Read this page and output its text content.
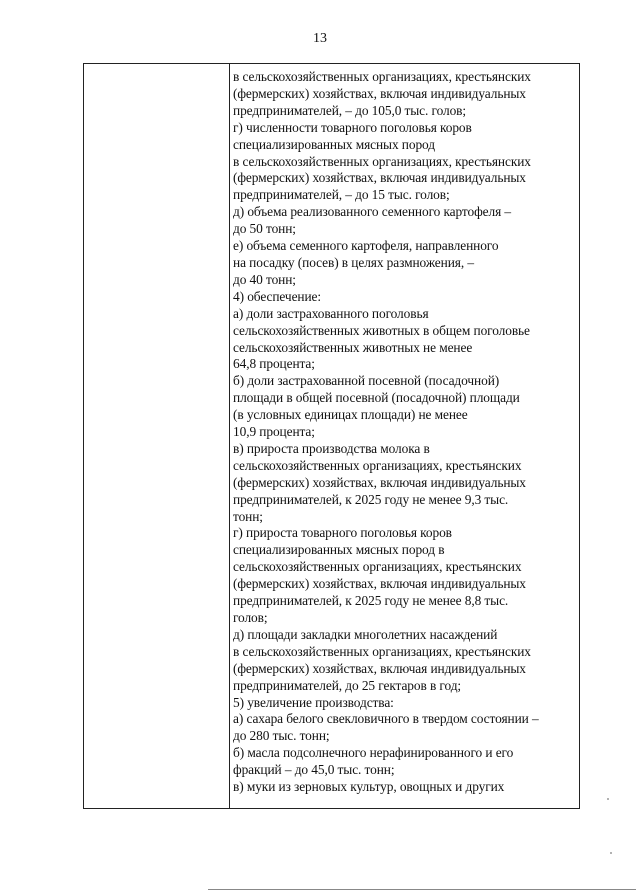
13
в сельскохозяйственных организациях, крестьянских
(фермерских) хозяйствах, включая индивидуальных
предпринимателей, – до 105,0 тыс. голов;
г) численности товарного поголовья коров
специализированных мясных пород
в сельскохозяйственных организациях, крестьянских
(фермерских) хозяйствах, включая индивидуальных
предпринимателей, – до 15 тыс. голов;
д) объема реализованного семенного картофеля –
до 50 тонн;
е) объема семенного картофеля, направленного
на посадку (посев) в целях размножения, –
до 40 тонн;
4) обеспечение:
а) доли застрахованного поголовья
сельскохозяйственных животных в общем поголовье
сельскохозяйственных животных не менее
64,8 процента;
б) доли застрахованной посевной (посадочной)
площади в общей посевной (посадочной) площади
(в условных единицах площади) не менее
10,9 процента;
в) прироста производства молока в
сельскохозяйственных организациях, крестьянских
(фермерских) хозяйствах, включая индивидуальных
предпринимателей, к 2025 году не менее 9,3 тыс.
тонн;
г) прироста товарного поголовья коров
специализированных мясных пород в
сельскохозяйственных организациях, крестьянских
(фермерских) хозяйствах, включая индивидуальных
предпринимателей, к 2025 году не менее 8,8 тыс.
голов;
д) площади закладки многолетних насаждений
в сельскохозяйственных организациях, крестьянских
(фермерских) хозяйствах, включая индивидуальных
предпринимателей, до 25 гектаров в год;
5) увеличение производства:
а) сахара белого свекловичного в твердом состоянии –
до 280 тыс. тонн;
б) масла подсолнечного нерафинированного и его
фракций – до 45,0 тыс. тонн;
в) муки из зерновых культур, овощных и других
